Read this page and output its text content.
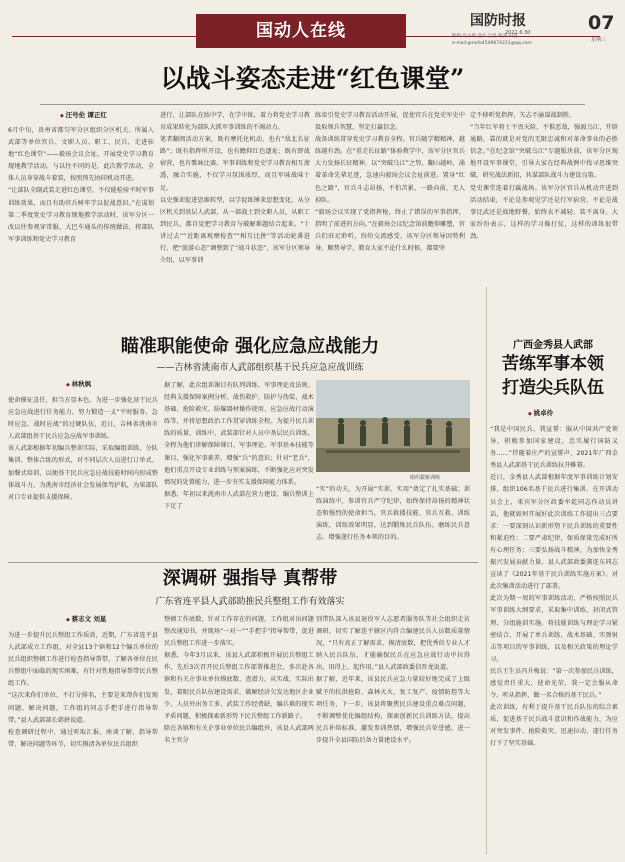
国动人在线	国防时报	07
2021.6.30
星期三
编辑 许小瑞 设计 吕昌 校对 田磊
e-mail:gmofe4549674311@qq.com
以战斗姿态走进“红色课堂”
◆ 汪号伦 谭正红
6月中旬，贵州省都匀军分区组织分区机关、所属人武部等单位官兵、文职人员、职工、民兵，走进驻地“红色课堂”——毅玚会议会址，开展党史学习教育现地教学活动。与以往不同的是，此次教学活动，全体人员身穿战斗着装，按照预先协同机动开进。
“让部队全副武装走进红色课堂，不仅能检验平时军事训练效果，而且有助官兵树牢学以促战意识。”在谋划第二季度党史学习教育现地教学活动时，该军分区一改以往参观穿常服、大巴车通头的传统做法，将部队军事训练和党史学习教育
进行，让部队在练中学，在学中练，着力将党史学习教育成果转化为部队大抓军事训练的不竭动力。
笔者翻阅活动方案，既有摩托化机动，也有“敌北长征路”；既有指挥所开设，也有瞻仰红色遗址；既有野战宿营，也有歌咏比赛。军事训练和党史学习教育相互渗透，融合实施，不仅学习氛围浓厚，而且军味战味十足。
以史强训促进思维转型，以学促练锤来思想变化。从分区机关到基层人武部，从一部战士到文职人员，从职工到民兵，都自觉把学习教育与破解难题结合起来。“十讲过去”“近距离观摩检查”“相互比拼”等活动轮番进行，把“旅游心态”调整到了“战斗状态”，该军分区领导介绍，以军事训
练牵引党史学习教育活动开展，促使官兵在党史军史中汲取领兵智慧，坚定打赢信念。
战备训练贯穿党史学习教育全程。官兵随学精精神，越练越有劲。在“重走长征路”体验教学中，该军分区官兵大力发扬长征精神，以“突破乌江”之势，翻山越岭，涌着革命先辈足迹，急速向毅玚会议会址前进。置身“红色之路”，官兵斗志昂扬，不怕苦累，一路向前，无人掉队。
“毅玚会议实现了党指挥枪，终止了错误的军事指挥，指明了前进的方向。”在毅玚会议纪念馆前瞻仰雕塑，官兵们驻足聆听，纷纷交流感受，该军分区领导因势利导，顺势导学，教育大家不论什么时候，都要坚
定不移听党指挥，矢志不渝谋战制胜。
“当年红军将士不畏天险，不惧恶敌，强渡乌江，开辟通路，靠的就是对党的无限忠诚和对革命事业的必胜信念。”在纪念馆“突破乌江”专题版块前，该军分区现地开设军事课堂，引导大家在经典战例中找寻思维突破，研究战法新招，共谋部队战斗力建设良策。
党史课堂连着打赢战场。该军分区官兵从机动开进到活动结束，不论是参观见学还是行军宿营，不论是战事比武还是战地野餐，始终衣不减轻、装不离身。大家纷纷表示，这样的学习像打仗，这样的训练很带劲。
瞄准职能使命 强化应急应战能力
——吉林省洮南市人武部组织基干民兵应急应战训练
◆ 林秋枫
使命催征喜任，担当方显本色。为进一步强化基干民兵应急应战进行任务能力，努力锻造一支“平时服务、急时应急、战时应战”的过硬队伍，近日，吉林省洮南市人武部组基干民兵应急应战军事训练。
该人武部根据年初编兵整训实际，采取编组训练、分队集训、整体合练的形式，对不同层次人员进行订单式、加餐式培训，以便基干民兵应急应战技能时间内形成整体战斗力，为洮南市经济社会发展保驾护航，为果部队对口专业提供支援保障。
据了解，此次组训课目有队列训练、军事理论及法规、经典支援保障案例分析、战伤救护、防护与伪装、战术基础、抢险救灾、防爆器材操作使用、应急应战行动演练等，并将思想政治工作贯穿训练全程。为提升民兵训练的质量，训练中，武装部针对人员中基层民兵训练，全程为他们讲解保障课目、军事理论、军事基本技能等课目，强化军事素养，增强“兵”的意识；针对“老兵”，他们重点开设专业训练与预案演练，不断强化应对突发情况的处置能力，进一步夯实支援保障能力体系。
据悉，年初以来洮南市人武部在营力建设、编兵整训上下足了
组织拔桥训练
“实”的功夫，为开展“实训、实用”奠定了扎实基础；训练演练中，参训官兵严守纪律，始终保持昂扬的精神状态和强烈的使命担当，官兵救援技能、官兵互救、训练演练，训练效果明显，达到锻炼民兵队伍、磨练民兵意志、增强遂行任务本领的目的。
深调研 强指导 真帮带
广东省连平县人武部助推民兵整组工作有效落实
◆ 蔡志文 刘星
为进一步提升民兵整组工作质效，近期，广东省连平县人武部成立工作组，对全县13个镇和12个编兵单位的民兵组织整顿工作进行检查指导帮带，了解各单位在民兵整组中面临的现实困难，有针对性地指导帮带民兵整组工作。
“这次来你们单位，不打分排名，主要是来帮你们发现问题、解决问题，工作组的同志手把手进行指导帮带。”县人武部部长韩拼说道。
检查调研过程中，通过听取汇报、座谈了解、指导帮带、解决问题等环节，切实摸清各单位民兵组织
整顿工作底数，针对工作存在的问题，工作组对出问题整改通知书，并现场“一对一”“手把手”指导帮带，促进民兵整组工作进一步落实。
据悉，今年3月以来，该县人武部积极开展民兵整组工作，先后3次召开民兵整组工作部署推进会，多次赴各镇和有关企事业单位摸底数、查潜力，从实战、实际出发，着眼民兵队伍建设需求，破解经济欠发达地区企业少、人员外出务工多、武装工作经费缺、编兵难的现实矛盾问题，积极探索新形势下民兵整组工作新路子。
除在各镇和有关企事业单位民兵编组外，该县人武部两名主官分
别带队深入该县退役军人志愿者服务队等社会组织走访调研，切实了解连平辖区内符合编建民兵人员数质量情况，“只有真正了解需求、摸清底数，把优秀的专业人才纳入民兵队伍，才能确保民兵在应急应战行动中拉得出、用得上、起作用。”县人武部政委信晋龙说道。
据了解，近年来，该县民兵应急力量较好地完成了上级赋予的抗洪抢险、森林灭火、复工复产、疫情防控等大项任务，下一步，该县将聚焦民兵建设重点难点问题，不断调整优化编组结构，探索创新民兵训练方法，提高民兵补给标准，激发参训热情，增强民兵荣誉感，进一步提升全县国防后备力量建设水平。
广西金秀县人武部
苦练军事本领
打造尖兵队伍
◆ 姚卓伶
“我是中国民兵，我宣誓：服从中国共产党领导，积极参加国家建设，忠实履行国防义务……”伴随着庄严的宣誓声，2021年广西金秀县人武部基干民兵训练拉开帷幕。
近日，金秀县人武部根据年度军事训练计划安排，组织106名基干民兵进行集训。在开训动员会上，来宾军分区政委牟乾同志作动员讲话，他就如何开展好此次训练工作提出三点要求：一要深刻认识新形势下民兵训练的重要性和紧迫性；二要严肃纪律，保质保量完成好所有心理任务；三要弘扬战斗精神，为加快金秀振兴发展贡献力量。县人武部政委龚连东同志宣读了《2021年基干民兵训练实施方案》。对此次集训活动进行了部署。
此次为期一周的军事训练活动，严格按照民兵军事训练大纲要求，采取集中训练、封闭式管理、分组施训实施。将技能训练与理论学习紧密结合，开展了单兵训练、战术基础、实弹射击等项目的军事训练，以及相关政策的理论学习。
民兵王生员冯升梅说：“第一次参加民兵训练，感觉责任重大，使命光荣，我一定会服从命令，听从指挥，做一名合格的基干民兵。”
此次训练，有利于提升基干民兵队伍的综合素质，促进基干民兵战斗意识和作战能力，为应对突发事件、抢险救灾、迅速拉动，遂行任务打下了坚实基础。
